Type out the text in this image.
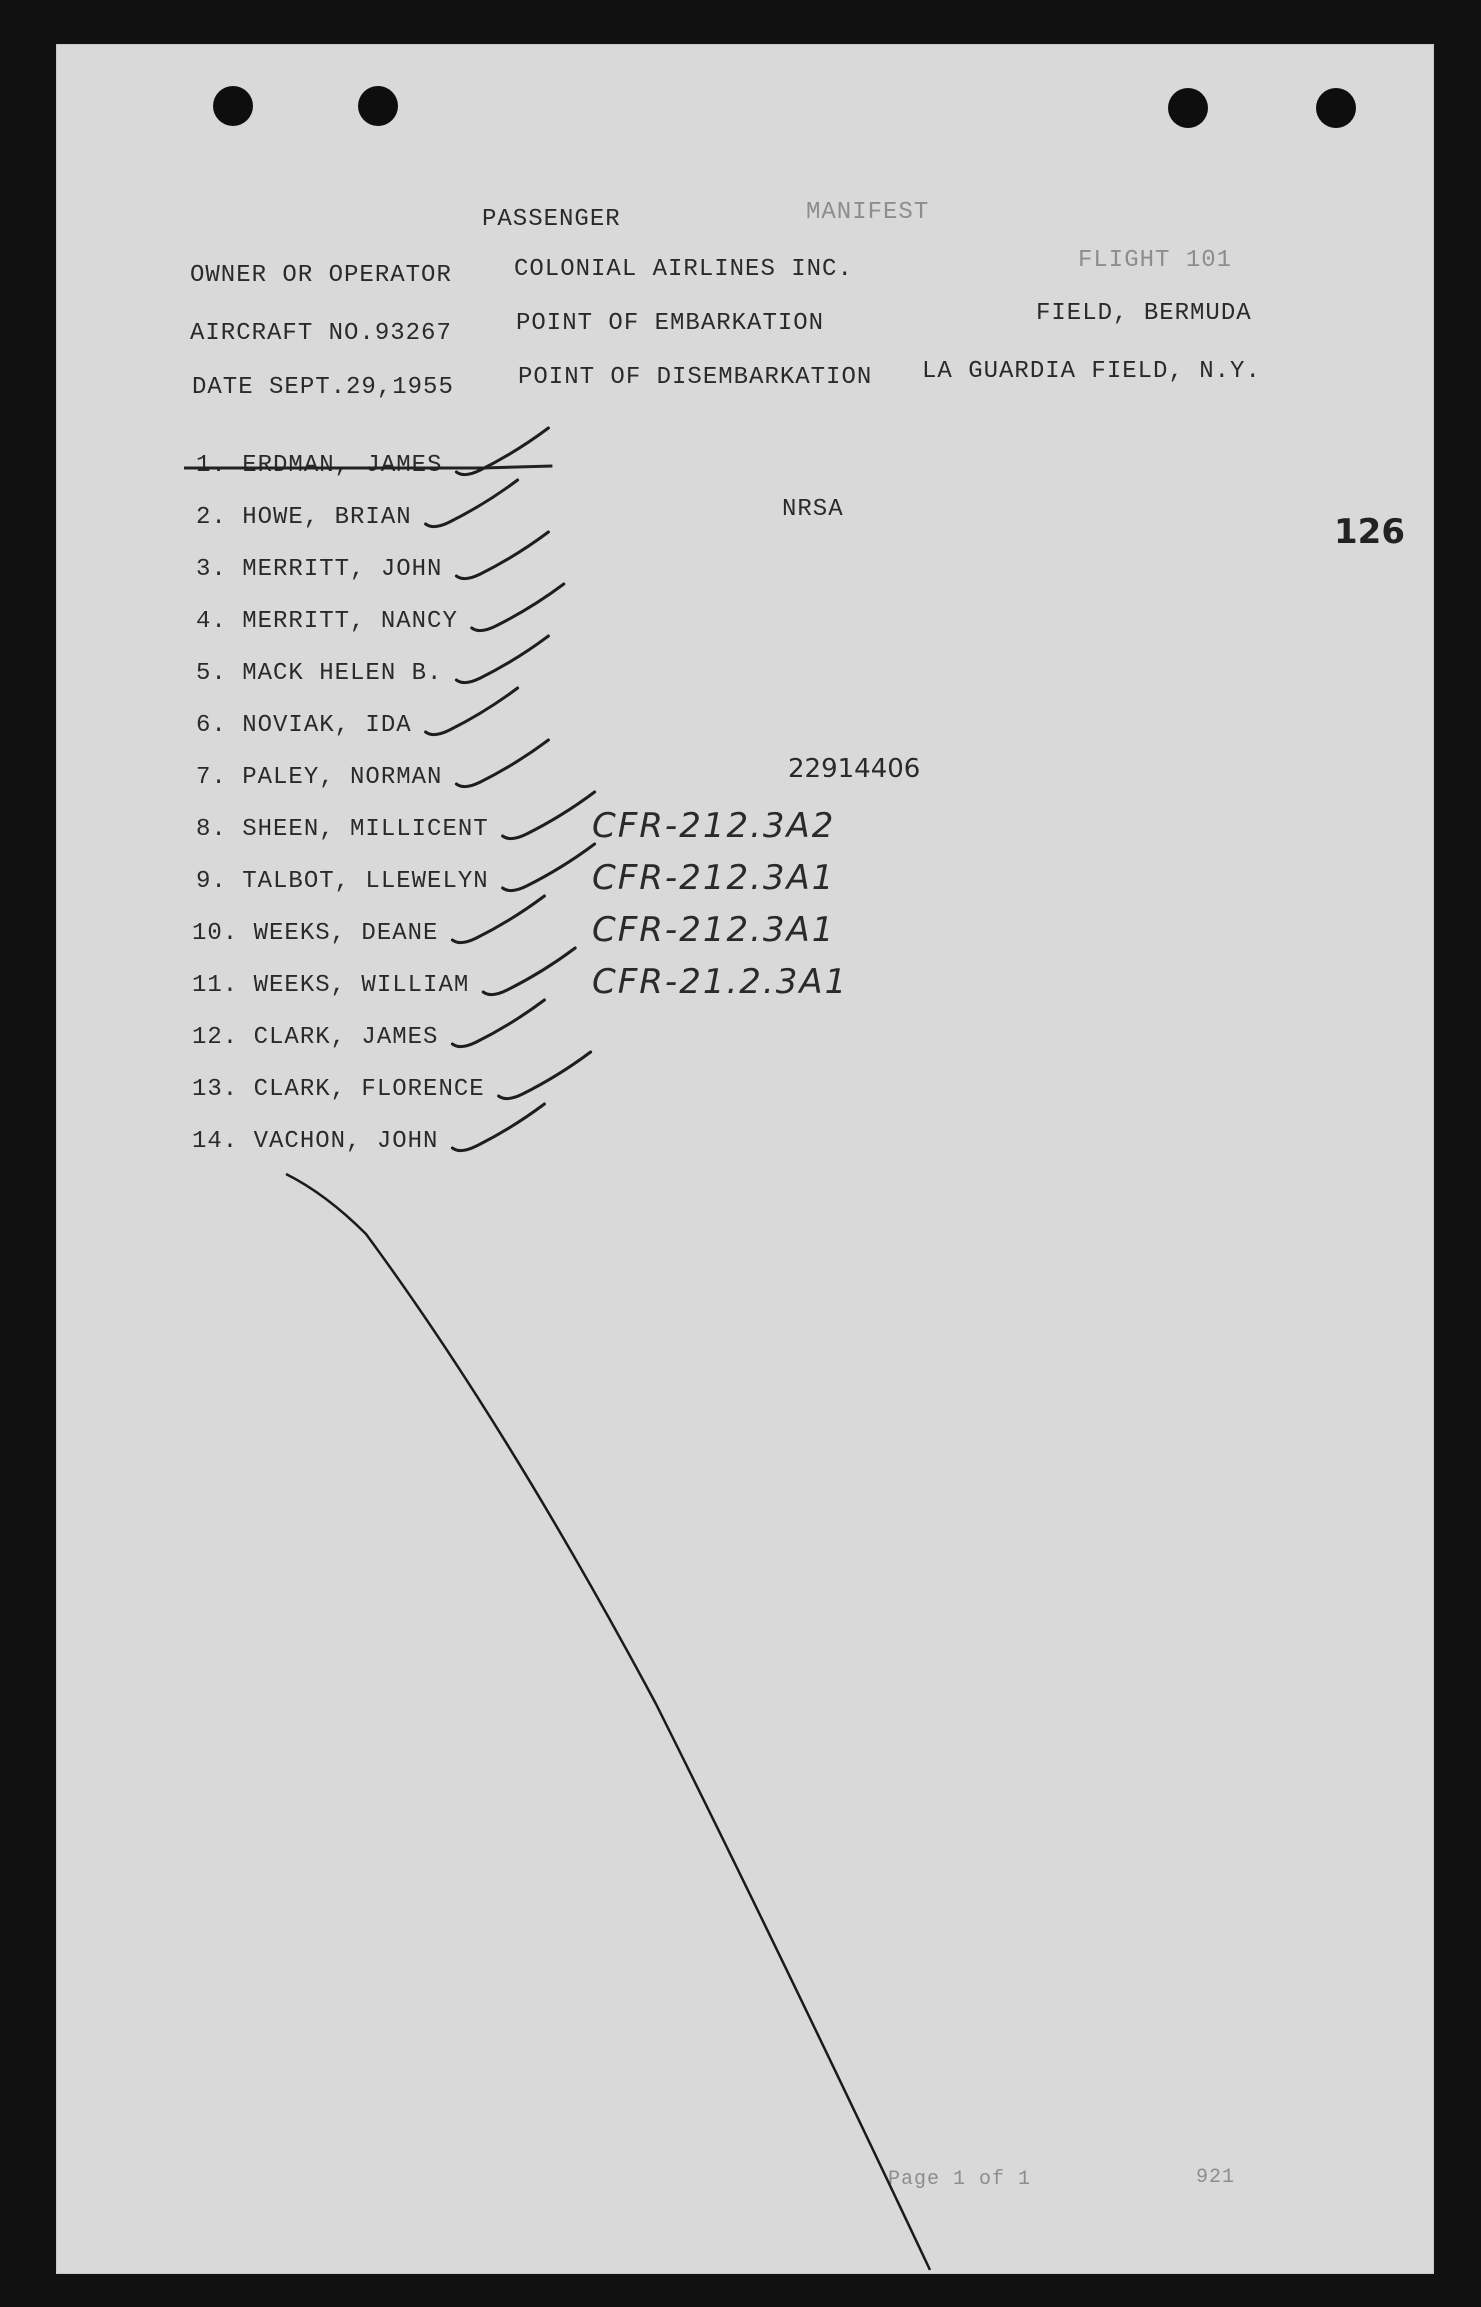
PASSENGER	MANIFEST
OWNER OR OPERATOR	COLONIAL AIRLINES INC.	FLIGHT 101
AIRCRAFT NO.93267	POINT OF EMBARKATION	FIELD, BERMUDA
DATE SEPT.29,1955	POINT OF DISEMBARKATION LA GUARDIA FIELD, N.Y.
NRSA
126
1. ERDMAN, JAMES
2. HOWE, BRIAN
3. MERRITT, JOHN
4. MERRITT, NANCY
5. MACK HELEN B.
6. NOVIAK, IDA
7. PALEY, NORMAN	22914406
8. SHEEN, MILLICENT	CFR-212.3A2
9. TALBOT, LLEWELYN	CFR-212.3A1
10. WEEKS, DEANE	CFR-212.3A1
11. WEEKS, WILLIAM	CFR-21.2.3A1
12. CLARK, JAMES
13. CLARK, FLORENCE
14. VACHON, JOHN
Page 1 of 1	921
